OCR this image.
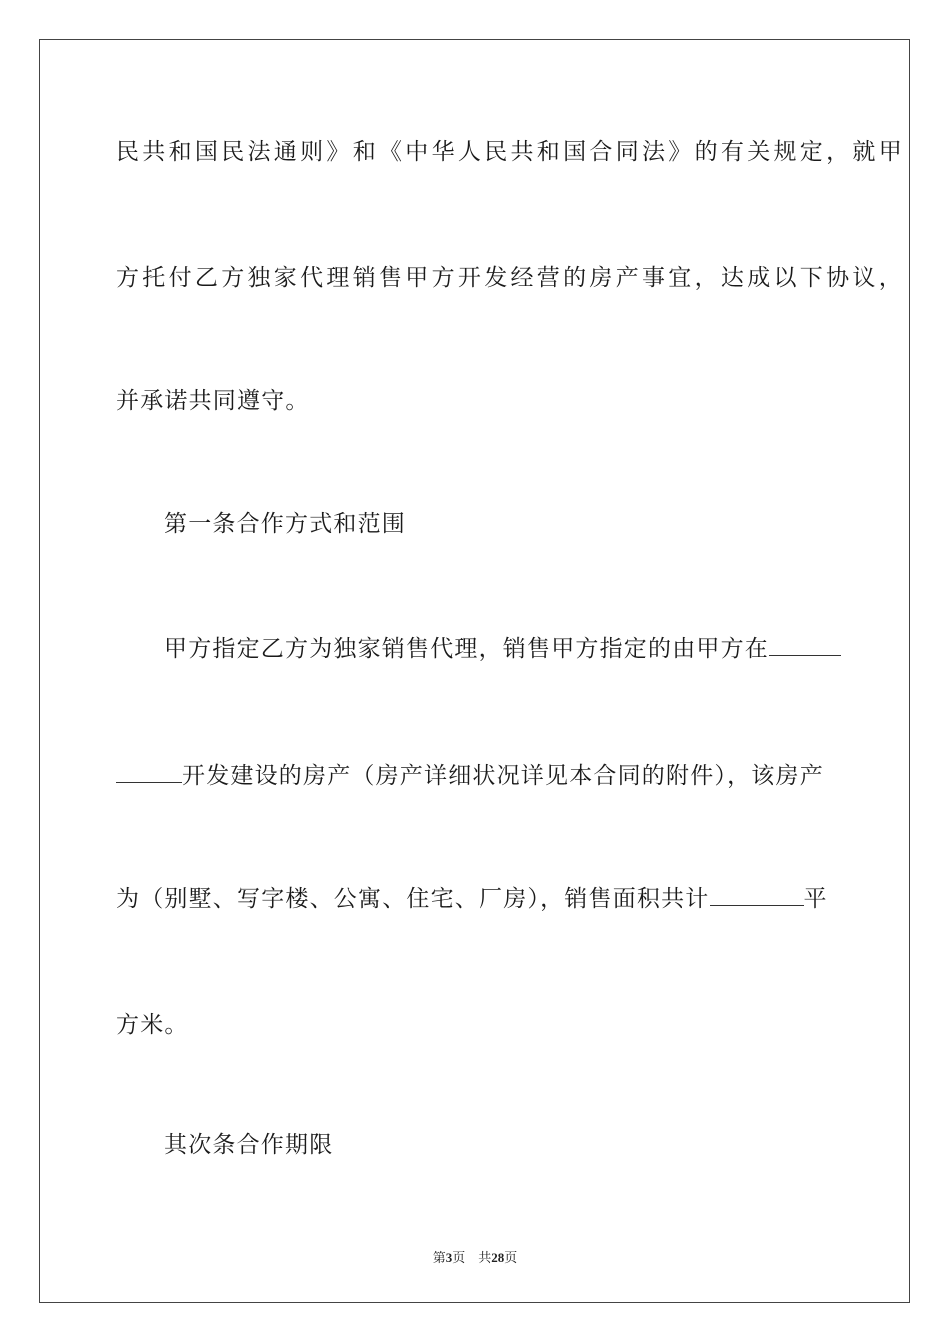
民共和国民法通则》和《中华人民共和国合同法》的有关规定，就甲
方托付乙方独家代理销售甲方开发经营的房产事宜，达成以下协议，
并承诺共同遵守。
第一条合作方式和范围
甲方指定乙方为独家销售代理，销售甲方指定的由甲方在
开发建设的房产（房产详细状况详见本合同的附件），该房产
为（别墅、写字楼、公寓、住宅、厂房），销售面积共计	平
方米。
其次条合作期限
第3页 共28页
